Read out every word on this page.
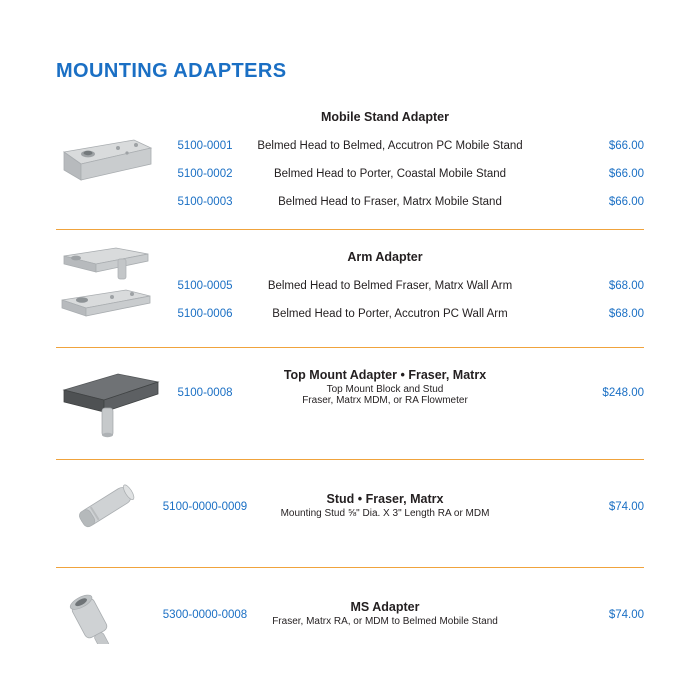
MOUNTING ADAPTERS
Mobile Stand Adapter
5100-0001	Belmed Head to Belmed, Accutron PC Mobile Stand	$66.00
5100-0002	Belmed Head to Porter, Coastal Mobile Stand	$66.00
5100-0003	Belmed Head to Fraser, Matrx Mobile Stand	$66.00
Arm Adapter
5100-0005	Belmed Head to Belmed Fraser, Matrx Wall Arm	$68.00
5100-0006	Belmed Head to Porter, Accutron PC Wall Arm	$68.00
Top Mount Adapter • Fraser, Matrx
Top Mount Block and Stud
Fraser, Matrx MDM, or RA Flowmeter
5100-0008	$248.00
Stud • Fraser, Matrx
Mounting Stud ⅝" Dia. X 3" Length RA or MDM
5100-0000-0009	$74.00
MS Adapter
Fraser, Matrx RA, or MDM to Belmed Mobile Stand
5300-0000-0008	$74.00
